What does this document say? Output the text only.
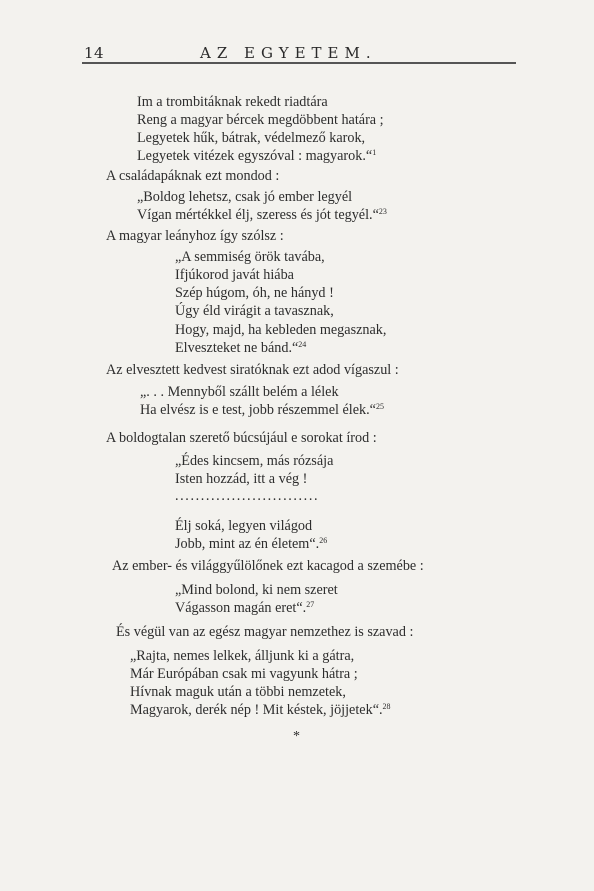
14	AZ EGYETEM.
Im a trombitáknak rekedt riadtára
Reng a magyar bércek megdöbbent határa ;
Legyetek hűk, bátrak, védelmező karok,
Legyetek vitézek egyszóval : magyarok.“$^1$
A családapáknak ezt mondod :
„Boldog lehetsz, csak jó ember legyél
Vígan mértékkel élj, szeress és jót tegyél.“$^{23}$
A magyar leányhoz így szólsz :
„A semmiség örök tavába,
Ifjúkorod javát hiába
Szép húgom, óh, ne hányd !
Úgy éld virágit a tavasznak,
Hogy, majd, ha kebleden megasznak,
Elveszteket ne bánd.“$^{24}$
Az elvesztett kedvest siratóknak ezt adod vígaszul :
„. . . Mennyből szállt belém a lélek
Ha elvész is e test, jobb részemmel élek.“$^{25}$
A boldogtalan szerető búcsújául e sorokat írod :
„Édes kincsem, más rózsája
Isten hozzád, itt a vég !
............................
Élj soká, legyen világod
Jobb, mint az én életem“.$^{26}$
Az ember- és világgyűlölőnek ezt kacagod a szemébe :
„Mind bolond, ki nem szeret
Vágasson magán eret“.$^{27}$
És végül van az egész magyar nemzethez is szavad :
„Rajta, nemes lelkek, álljunk ki a gátra,
Már Európában csak mi vagyunk hátra ;
Hívnak maguk után a többi nemzetek,
Magyarok, derék nép ! Mit késtek, jöjjetek“.$^{28}$
*
